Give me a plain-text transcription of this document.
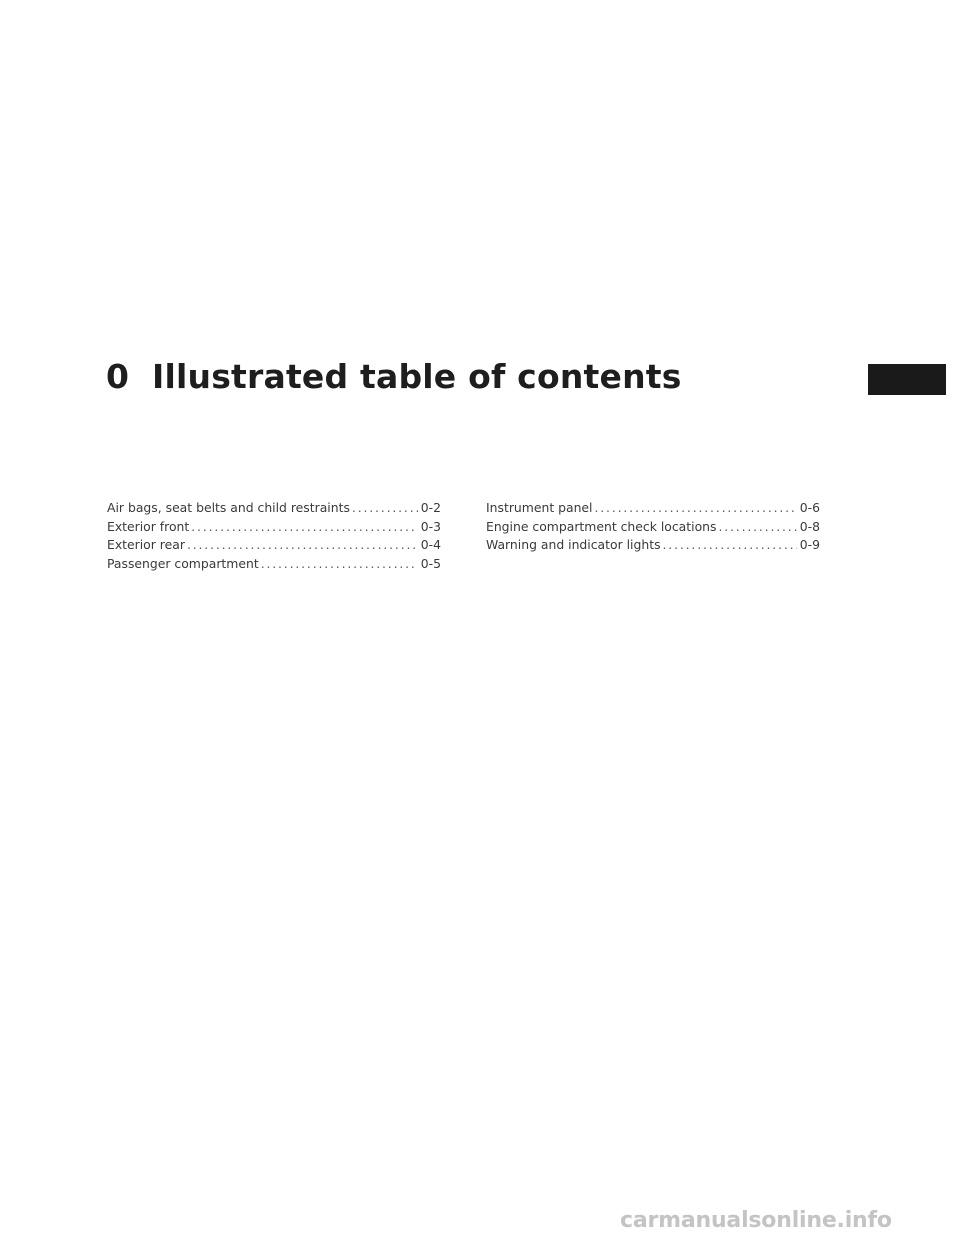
0 Illustrated table of contents
Air bags, seat belts and child restraints . . .	0-2
Exterior front . . .	0-3
Exterior rear . . .	0-4
Passenger compartment . . .	0-5
Instrument panel . . .	0-6
Engine compartment check locations . . .	0-8
Warning and indicator lights . . .	0-9
carmanualsonline.info
